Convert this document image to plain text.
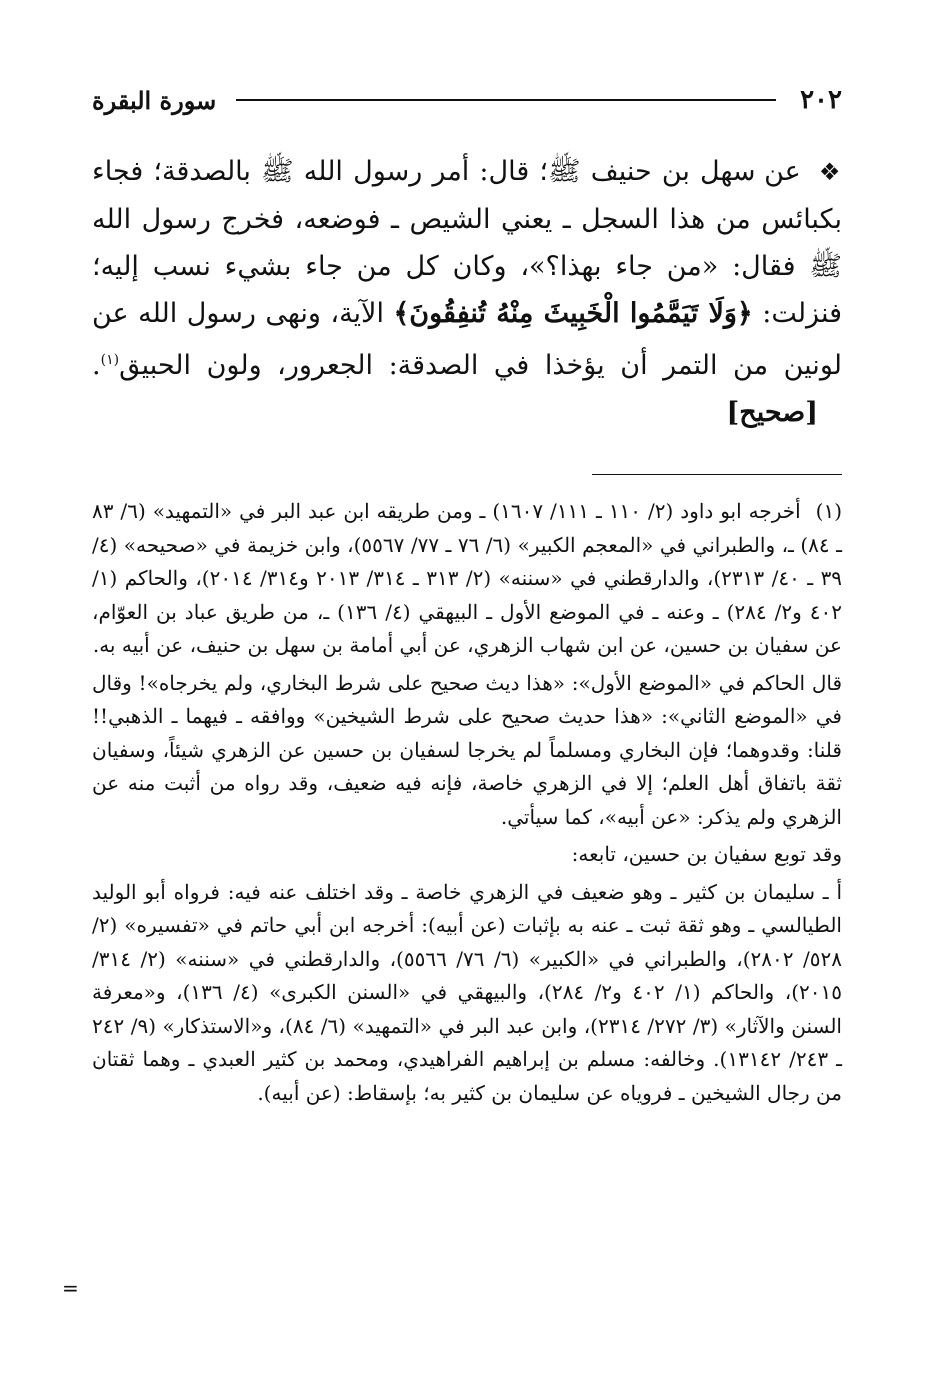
٢٠٢
سورة البقرة

❖ عن سهل بن حنيف ﷺ؛ قال: أمر رسول الله ﷺ بالصدقة؛ فجاء بكبائس من هذا السجل ـ يعني الشيص ـ فوضعه، فخرج رسول الله ﷺ فقال: «من جاء بهذا؟»، وكان كل من جاء بشيء نسب إليه؛ فنزلت: ﴿وَلَا تَيَمَّمُوا الْخَبِيثَ مِنْهُ تُنفِقُونَ﴾ الآية، ونهى رسول الله عن لونين من التمر أن يؤخذا في الصدقة: الجعرور، ولون الحبيق$^{(١)}$. [صحيح]

(١) أخرجه ابو داود (٢/ ١١٠ ـ ١١١/ ١٦٠٧) ـ ومن طريقه ابن عبد البر في «التمهيد» (٦/ ٨٣ ـ ٨٤) ـ، والطبراني في «المعجم الكبير» (٦/ ٧٦ ـ ٧٧/ ٥٥٦٧)، وابن خزيمة في «صحيحه» (٤/ ٣٩ ـ ٤٠/ ٢٣١٣)، والدارقطني في «سننه» (٢/ ٣١٣ ـ ٣١٤/ ٢٠١٣ و٣١٤/ ٢٠١٤)، والحاكم (١/ ٤٠٢ و٢/ ٢٨٤) ـ وعنه ـ في الموضع الأول ـ البيهقي (٤/ ١٣٦) ـ، من طريق عباد بن العوّام، عن سفيان بن حسين، عن ابن شهاب الزهري، عن أبي أمامة بن سهل بن حنيف، عن أبيه به.

قال الحاكم في «الموضع الأول»: «هذا ديث صحيح على شرط البخاري، ولم يخرجاه»! وقال في «الموضع الثاني»: «هذا حديث صحيح على شرط الشيخين» ووافقه ـ فيهما ـ الذهبي!! قلنا: وقدوهما؛ فإن البخاري ومسلماً لم يخرجا لسفيان بن حسين عن الزهري شيئاً، وسفيان ثقة باتفاق أهل العلم؛ إلا في الزهري خاصة، فإنه فيه ضعيف، وقد رواه من أثبت منه عن الزهري ولم يذكر: «عن أبيه»، كما سيأتي.

وقد توبع سفيان بن حسين، تابعه:

أ ـ سليمان بن كثير ـ وهو ضعيف في الزهري خاصة ـ وقد اختلف عنه فيه: فرواه أبو الوليد الطيالسي ـ وهو ثقة ثبت ـ عنه به بإثبات (عن أبيه): أخرجه ابن أبي حاتم في «تفسيره» (٢/ ٥٢٨/ ٢٨٠٢)، والطبراني في «الكبير» (٦/ ٧٦/ ٥٥٦٦)، والدارقطني في «سننه» (٢/ ٣١٤/ ٢٠١٥)، والحاكم (١/ ٤٠٢ و٢/ ٢٨٤)، والبيهقي في «السنن الكبرى» (٤/ ١٣٦)، و«معرفة السنن والآثار» (٣/ ٢٧٢/ ٢٣١٤)، وابن عبد البر في «التمهيد» (٦/ ٨٤)، و«الاستذكار» (٩/ ٢٤٢ ـ ٢٤٣/ ١٣١٤٢). وخالفه: مسلم بن إبراهيم الفراهيدي، ومحمد بن كثير العبدي ـ وهما ثقتان من رجال الشيخين ـ فروياه عن سليمان بن كثير به؛ بإسقاط: (عن أبيه).

=
